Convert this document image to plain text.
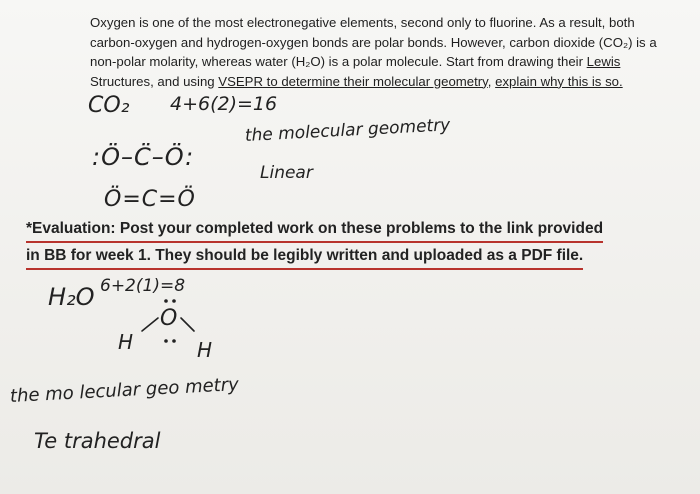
Oxygen is one of the most electronegative elements, second only to fluorine. As a result, both
carbon-oxygen and hydrogen-oxygen bonds are polar bonds. However, carbon dioxide (CO₂) is a
non-polar molarity, whereas water (H₂O) is a polar molecule. Start from drawing their Lewis
Structures, and using VSEPR to determine their molecular geometry, explain why this is so.
CO₂ 4+6(2)=16
:Ö–C̈–Ö:
Ö=C=Ö
the molecular geometry
Linear
*Evaluation: Post your completed work on these problems to the link provided
in BB for week 1. They should be legibly written and uploaded as a PDF file.
H₂O 6+2(1)=8
O
H	H
the mo lecular geo metry
Te trahedral
